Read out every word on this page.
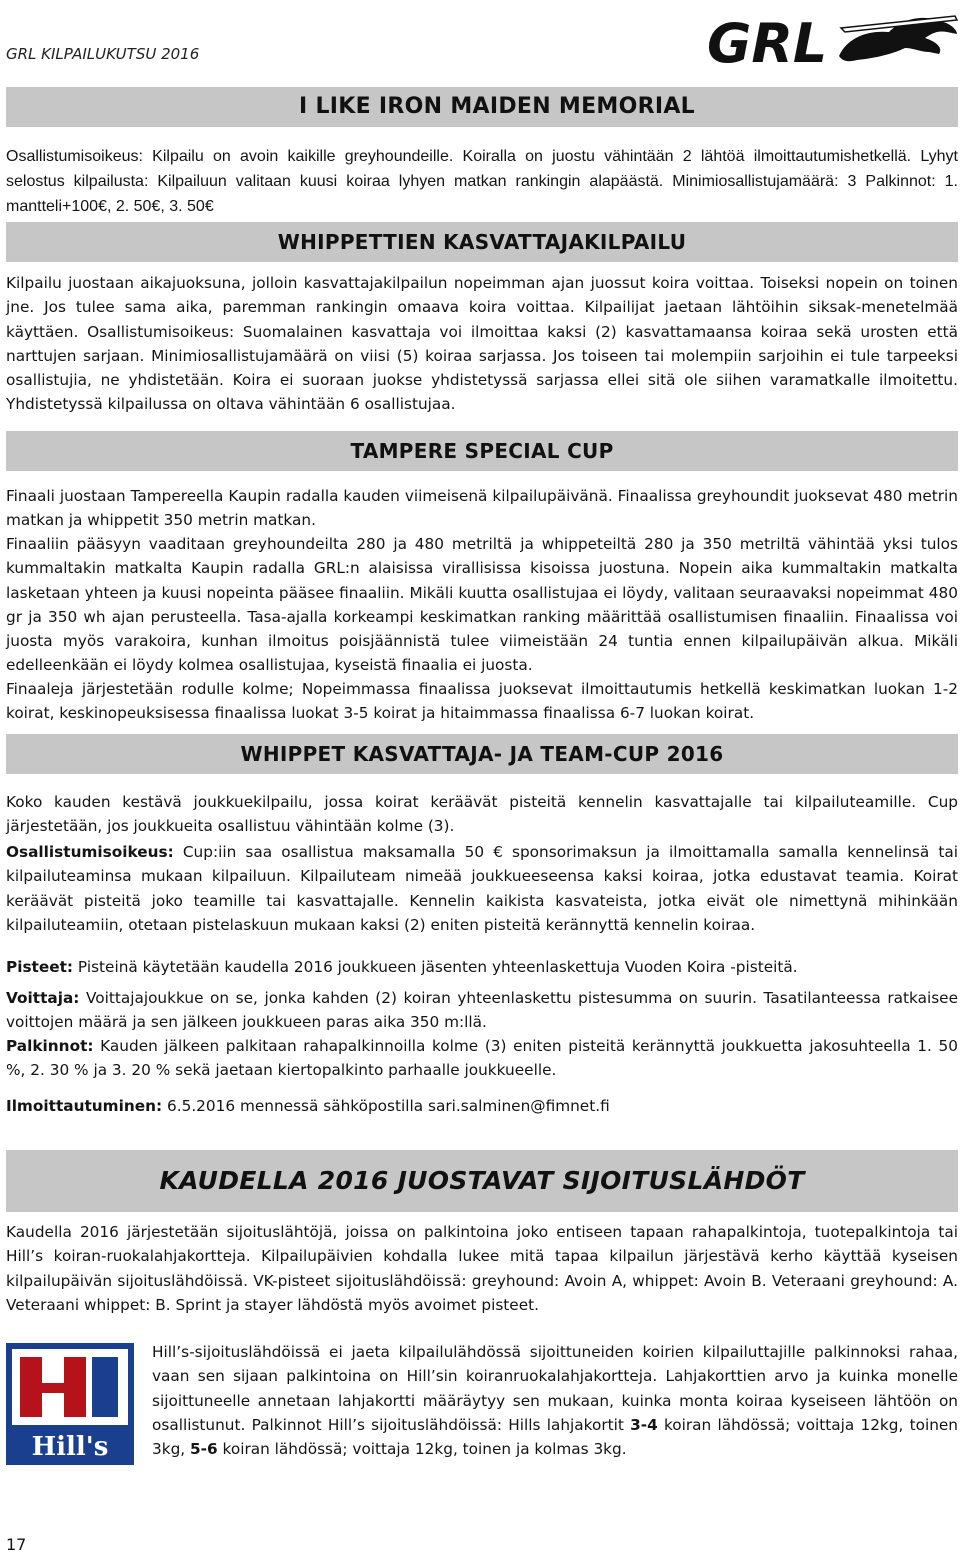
GRL KILPAILUKUTSU 2016	GRL
I LIKE IRON MAIDEN MEMORIAL

Osallistumisoikeus: Kilpailu on avoin kaikille greyhoundeille. Koiralla on juostu vähintään 2 lähtöä ilmoittautumishetkellä. Lyhyt selostus kilpailusta: Kilpailuun valitaan kuusi koiraa lyhyen matkan rankingin alapäästä. Minimiosallistujamäärä: 3 Palkinnot: 1. mantteli+100€, 2. 50€, 3. 50€

WHIPPETTIEN KASVATTAJAKILPAILU

Kilpailu juostaan aikajuoksuna, jolloin kasvattajakilpailun nopeimman ajan juossut koira voittaa. Toiseksi nopein on toinen jne. Jos tulee sama aika, paremman rankingin omaava koira voittaa. Kilpailijat jaetaan lähtöihin siksak-menetelmää käyttäen. Osallistumisoikeus: Suomalainen kasvattaja voi ilmoittaa kaksi (2) kasvattamaansa koiraa sekä urosten että narttujen sarjaan. Minimiosallistujamäärä on viisi (5) koiraa sarjassa. Jos toiseen tai molempiin sarjoihin ei tule tarpeeksi osallistujia, ne yhdistetään. Koira ei suoraan juokse yhdistetyssä sarjassa ellei sitä ole siihen varamatkalle ilmoitettu. Yhdistetyssä kilpailussa on oltava vähintään 6 osallistujaa.

TAMPERE SPECIAL CUP

Finaali juostaan Tampereella Kaupin radalla kauden viimeisenä kilpailupäivänä. Finaalissa greyhoundit juoksevat 480 metrin matkan ja whippetit 350 metrin matkan.

Finaaliin pääsyyn vaaditaan greyhoundeilta 280 ja 480 metriltä ja whippeteiltä 280 ja 350 metriltä vähintää yksi tulos kummaltakin matkalta Kaupin radalla GRL:n alaisissa virallisissa kisoissa juostuna. Nopein aika kummaltakin matkalta lasketaan yhteen ja kuusi nopeinta pääsee finaaliin. Mikäli kuutta osallistujaa ei löydy, valitaan seuraavaksi nopeimmat 480 gr ja 350 wh ajan perusteella. Tasa-ajalla korkeampi keskimatkan ranking määrittää osallistumisen finaaliin. Finaalissa voi juosta myös varakoira, kunhan ilmoitus poisjäännistä tulee viimeistään 24 tuntia ennen kilpailupäivän alkua. Mikäli edelleenkään ei löydy kolmea osallistujaa, kyseistä finaalia ei juosta.

Finaaleja järjestetään rodulle kolme; Nopeimmassa finaalissa juoksevat ilmoittautumis hetkellä keskimatkan luokan 1-2 koirat, keskinopeuksisessa finaalissa luokat 3-5 koirat ja hitaimmassa finaalissa 6-7 luokan koirat.

WHIPPET KASVATTAJA- JA TEAM-CUP 2016

Koko kauden kestävä joukkuekilpailu, jossa koirat keräävät pisteitä kennelin kasvattajalle tai kilpailuteamille. Cup järjestetään, jos joukkueita osallistuu vähintään kolme (3).

Osallistumisoikeus: Cup:iin saa osallistua maksamalla 50 € sponsorimaksun ja ilmoittamalla samalla kennelinsä tai kilpailuteaminsa mukaan kilpailuun. Kilpailuteam nimeää joukkueeseensa kaksi koiraa, jotka edustavat teamia. Koirat keräävät pisteitä joko teamille tai kasvattajalle. Kennelin kaikista kasvateista, jotka eivät ole nimettynä mihinkään kilpailuteamiin, otetaan pistelaskuun mukaan kaksi (2) eniten pisteitä kerännyttä kennelin koiraa.

Pisteet: Pisteinä käytetään kaudella 2016 joukkueen jäsenten yhteenlaskettuja Vuoden Koira -pisteitä.

Voittaja: Voittajajoukkue on se, jonka kahden (2) koiran yhteenlaskettu pistesumma on suurin. Tasatilanteessa ratkaisee voittojen määrä ja sen jälkeen joukkueen paras aika 350 m:llä.

Palkinnot: Kauden jälkeen palkitaan rahapalkinnoilla kolme (3) eniten pisteitä kerännyttä joukkuetta jakosuhteella 1. 50 %, 2. 30 % ja 3. 20 % sekä jaetaan kiertopalkinto parhaalle joukkueelle.

Ilmoittautuminen: 6.5.2016 mennessä sähköpostilla sari.salminen@fimnet.fi

KAUDELLA 2016 JUOSTAVAT SIJOITUSLÄHDÖT

Kaudella 2016 järjestetään sijoituslähtöjä, joissa on palkintoina joko entiseen tapaan rahapalkintoja, tuotepalkintoja tai Hill’s koiran-ruokalahjakortteja. Kilpailupäivien kohdalla lukee mitä tapaa kilpailun järjestävä kerho käyttää kyseisen kilpailupäivän sijoituslähdöissä. VK-pisteet sijoituslähdöissä: greyhound: Avoin A, whippet: Avoin B. Veteraani greyhound: A. Veteraani whippet: B. Sprint ja stayer lähdöstä myös avoimet pisteet.

Hill's

Hill’s-sijoituslähdöissä ei jaeta kilpailulähdössä sijoittuneiden koirien kilpailuttajille palkinnoksi rahaa, vaan sen sijaan palkintoina on Hill’sin koiranruokalahjakortteja. Lahjakorttien arvo ja kuinka monelle sijoittuneelle annetaan lahjakortti määräytyy sen mukaan, kuinka monta koiraa kyseiseen lähtöön on osallistunut. Palkinnot Hill’s sijoituslähdöissä: Hills lahjakortit 3-4 koiran lähdössä; voittaja 12kg, toinen 3kg, 5-6 koiran lähdössä; voittaja 12kg, toinen ja kolmas 3kg.

17
